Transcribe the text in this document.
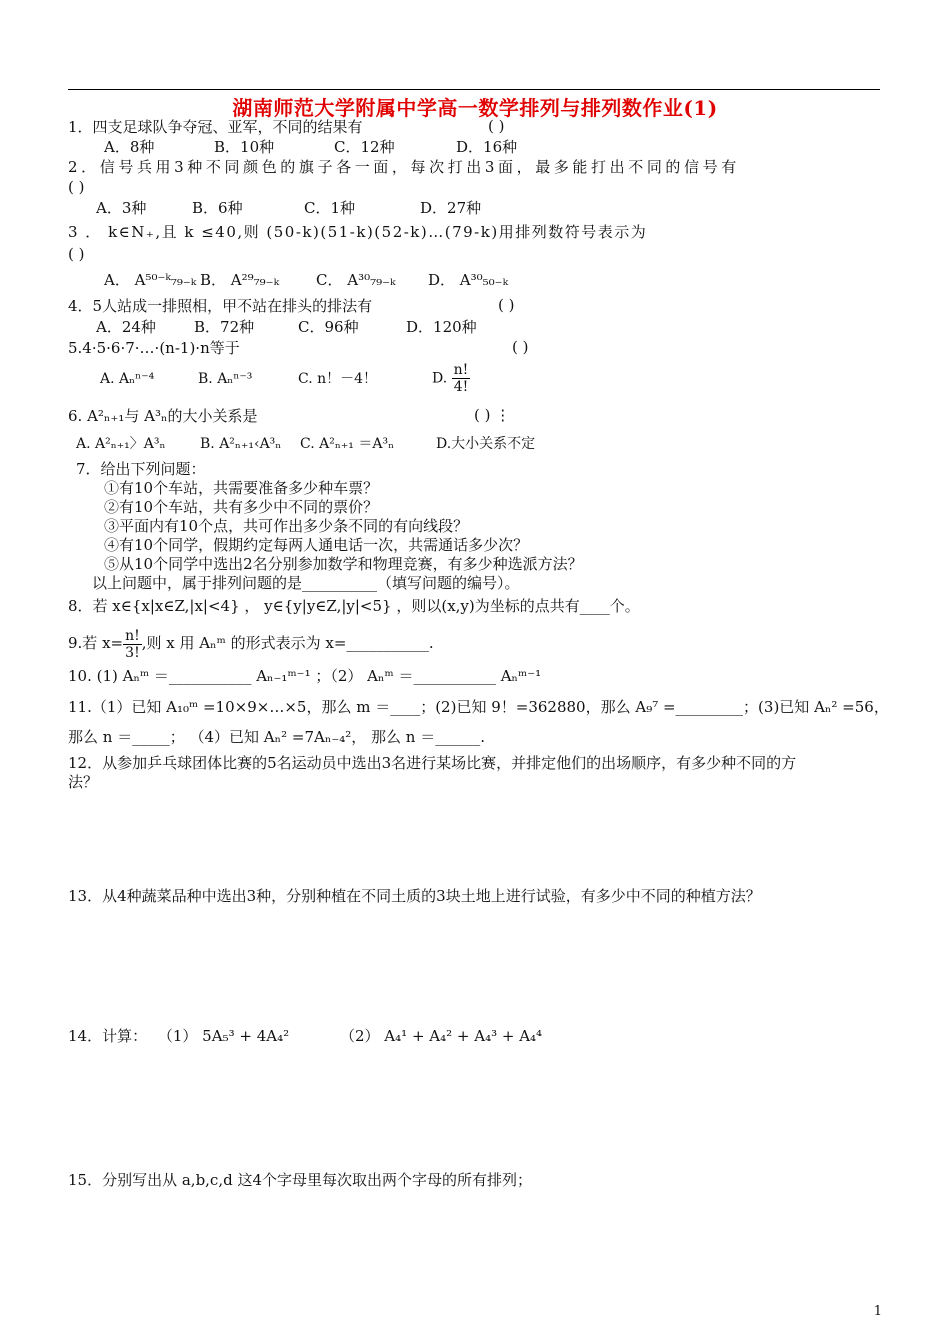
湖南师范大学附属中学高一数学排列与排列数作业(1)
1．四支足球队争夺冠、亚军，不同的结果有	( )
A．8种	B．10种	C．12种	D．16种
2．信号兵用3种不同颜色的旗子各一面，每次打出3面，最多能打出不同的信号有
( )
A．3种	B．6种	C．1种	D．27种
3 ． k∈N₊,且 k ≤40,则 (50-k)(51-k)(52-k)…(79-k)用排列数符号表示为
( )
A． A⁵⁰⁻ᵏ₇₉₋ₖ B． A²⁹₇₉₋ₖ C． A³⁰₇₉₋ₖ D． A³⁰₅₀₋ₖ
4．5人站成一排照相，甲不站在排头的排法有	( )
A．24种	B．72种	C．96种	D．120种
5.4·5·6·7·…·(n-1)·n等于	( )
A. Aₙⁿ⁻⁴	B. Aₙⁿ⁻³	C. n！－4！	D. $\frac{n!}{4!}$
6. A²ₙ₊₁与 A³ₙ的大小关系是	( ) ⋮
A. A²ₙ₊₁〉A³ₙ B. A²ₙ₊₁‹A³ₙ C. A²ₙ₊₁ ＝A³ₙ	D.大小关系不定
7．给出下列问题：
①有10个车站，共需要准备多少种车票？
②有10个车站，共有多少中不同的票价？
③平面内有10个点，共可作出多少条不同的有向线段？
④有10个同学，假期约定每两人通电话一次，共需通话多少次？
⑤从10个同学中选出2名分别参加数学和物理竞赛，有多少种选派方法？
以上问题中，属于排列问题的是__________（填写问题的编号）。
8．若 x∈{x|x∈Z,|x|<4} ， y∈{y|y∈Z,|y|<5} ，则以(x,y)为坐标的点共有____个。
9.若 $x= \frac{n!}{3!}$ ,则 x 用 Aₙᵐ 的形式表示为 x=___________.
10. (1) Aₙᵐ ＝___________ Aₙ₋₁ᵐ⁻¹ ；（2） Aₙᵐ ＝___________ Aₙᵐ⁻¹
11.（1）已知 A₁₀ᵐ =10×9×…×5，那么 m ＝____；(2)已知 9！=362880，那么 A₉⁷ =_________；(3)已知 Aₙ² =56，
那么 n ＝_____； （4）已知 Aₙ² =7Aₙ₋₄²， 那么 n ＝______.
12．从参加乒乓球团体比赛的5名运动员中选出3名进行某场比赛，并排定他们的出场顺序，有多少种不同的方
法？
13．从4种蔬菜品种中选出3种，分别种植在不同土质的3块土地上进行试验，有多少中不同的种植方法？
14．计算： （1） 5A₅³ + 4A₄²	（2） A₄¹ + A₄² + A₄³ + A₄⁴
15．分别写出从 a,b,c,d 这4个字母里每次取出两个字母的所有排列；
1
